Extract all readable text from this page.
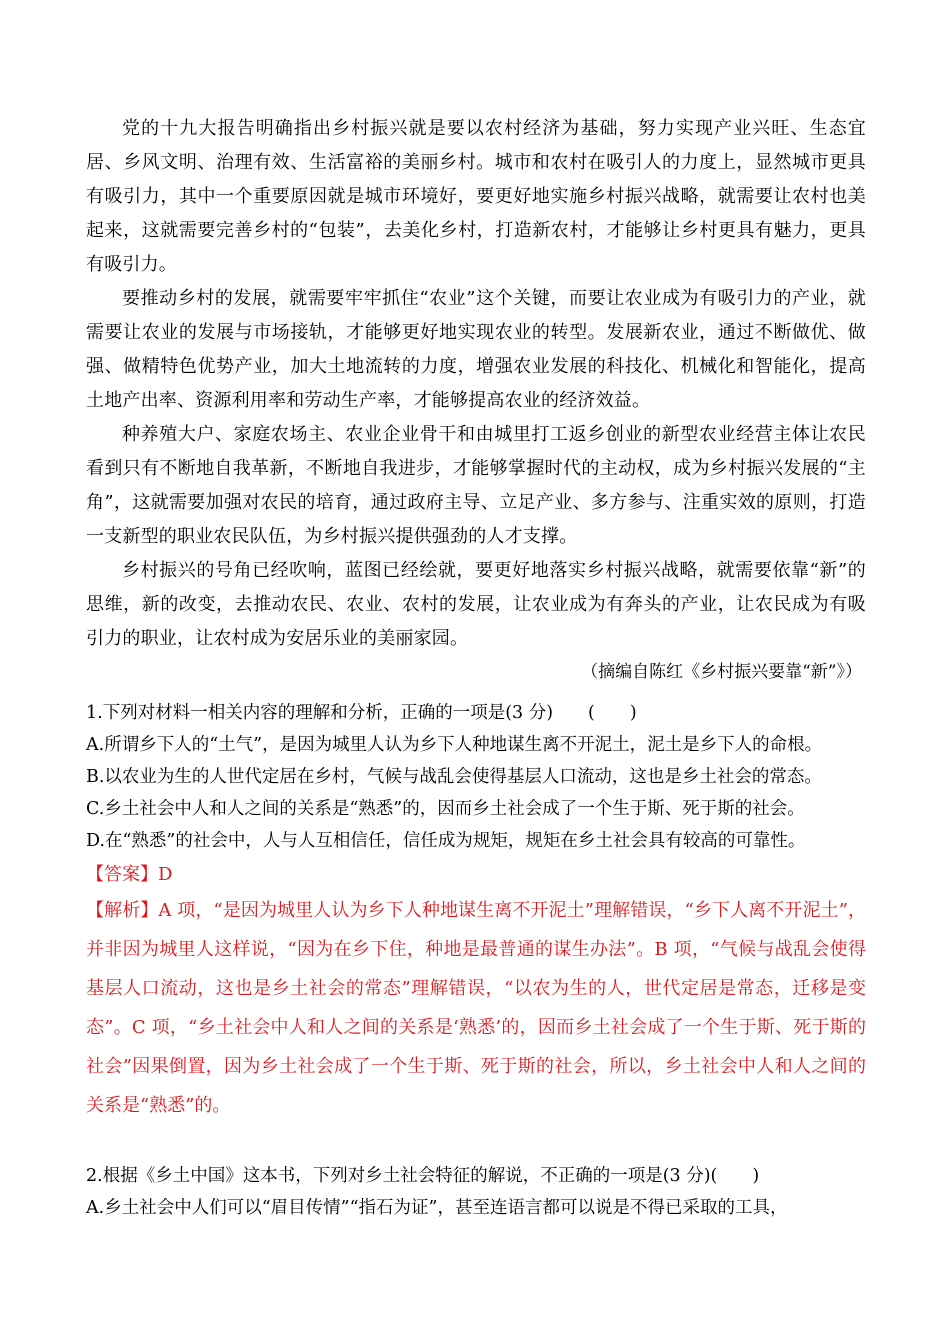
党的十九大报告明确指出乡村振兴就是要以农村经济为基础，努力实现产业兴旺、生态宜居、乡风文明、治理有效、生活富裕的美丽乡村。城市和农村在吸引人的力度上，显然城市更具有吸引力，其中一个重要原因就是城市环境好，要更好地实施乡村振兴战略，就需要让农村也美起来，这就需要完善乡村的“包装”，去美化乡村，打造新农村，才能够让乡村更具有魅力，更具有吸引力。

要推动乡村的发展，就需要牢牢抓住“农业”这个关键，而要让农业成为有吸引力的产业，就需要让农业的发展与市场接轨，才能够更好地实现农业的转型。发展新农业，通过不断做优、做强、做精特色优势产业，加大土地流转的力度，增强农业发展的科技化、机械化和智能化，提高土地产出率、资源利用率和劳动生产率，才能够提高农业的经济效益。

种养殖大户、家庭农场主、农业企业骨干和由城里打工返乡创业的新型农业经营主体让农民看到只有不断地自我革新，不断地自我进步，才能够掌握时代的主动权，成为乡村振兴发展的“主角”，这就需要加强对农民的培育，通过政府主导、立足产业、多方参与、注重实效的原则，打造一支新型的职业农民队伍，为乡村振兴提供强劲的人才支撑。

乡村振兴的号角已经吹响，蓝图已经绘就，要更好地落实乡村振兴战略，就需要依靠“新”的思维，新的改变，去推动农民、农业、农村的发展，让农业成为有奔头的产业，让农民成为有吸引力的职业，让农村成为安居乐业的美丽家园。

（摘编自陈红《乡村振兴要靠“新”》）

1.下列对材料一相关内容的理解和分析，正确的一项是(3 分)　　(　　)

A.所谓乡下人的“土气”，是因为城里人认为乡下人种地谋生离不开泥土，泥土是乡下人的命根。

B.以农业为生的人世代定居在乡村，气候与战乱会使得基层人口流动，这也是乡土社会的常态。

C.乡土社会中人和人之间的关系是“熟悉”的，因而乡土社会成了一个生于斯、死于斯的社会。

D.在“熟悉”的社会中，人与人互相信任，信任成为规矩，规矩在乡土社会具有较高的可靠性。

【答案】D

【解析】A 项，“是因为城里人认为乡下人种地谋生离不开泥土”理解错误，“乡下人离不开泥土”，并非因为城里人这样说，“因为在乡下住，种地是最普通的谋生办法”。B 项，“气候与战乱会使得基层人口流动，这也是乡土社会的常态”理解错误，“以农为生的人，世代定居是常态，迁移是变态”。C 项，“乡土社会中人和人之间的关系是‘熟悉’的，因而乡土社会成了一个生于斯、死于斯的社会”因果倒置，因为乡土社会成了一个生于斯、死于斯的社会，所以，乡土社会中人和人之间的关系是“熟悉”的。

2.根据《乡土中国》这本书，下列对乡土社会特征的解说，不正确的一项是(3 分)(　　)

A.乡土社会中人们可以“眉目传情”“指石为证”，甚至连语言都可以说是不得已采取的工具，
